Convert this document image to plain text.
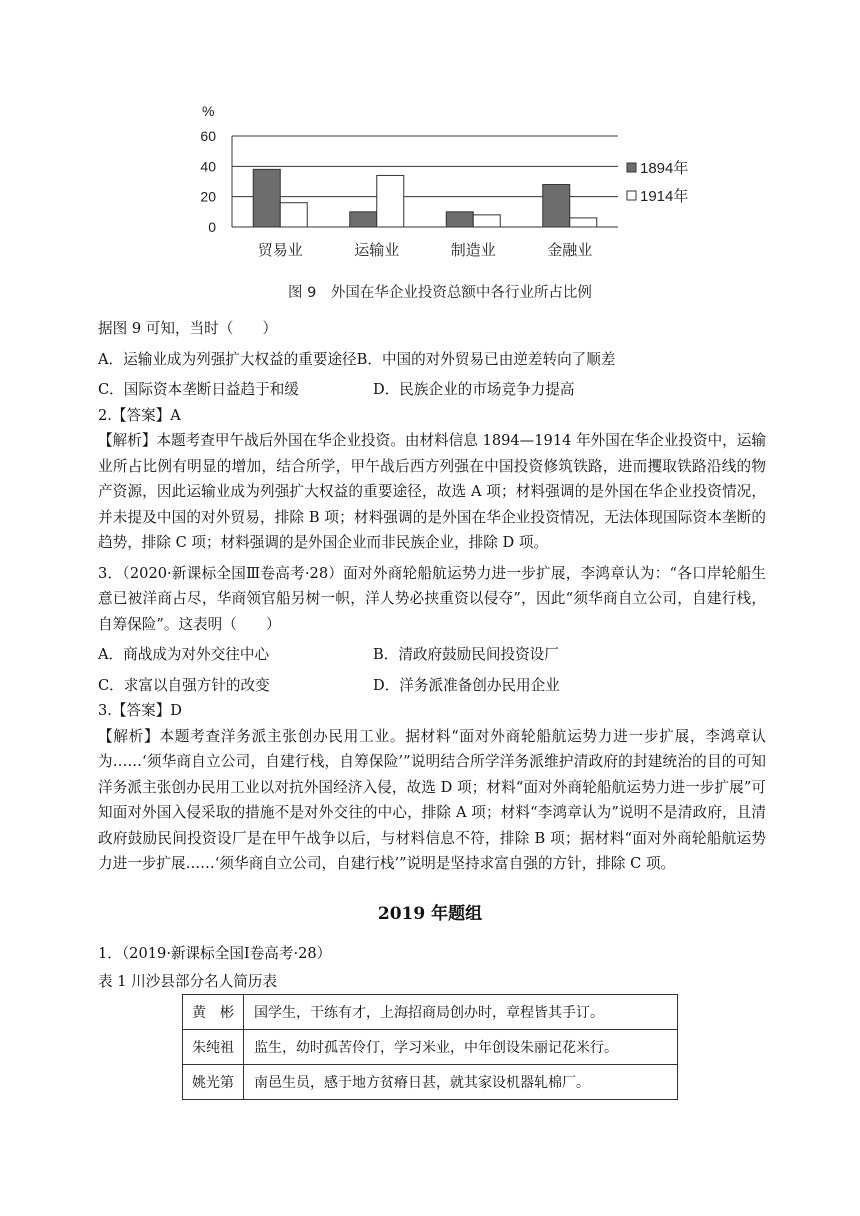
%
60
40
20
0
贸易业	运输业	制造业	金融业
1894年
1914年
图 9　外国在华企业投资总额中各行业所占比例

据图 9 可知，当时（　　）

A．运输业成为列强扩大权益的重要途径 B．中国的对外贸易已由逆差转向了顺差
C．国际资本垄断日益趋于和缓	D．民族企业的市场竞争力提高

2.【答案】A

【解析】本题考查甲午战后外国在华企业投资。由材料信息 1894—1914 年外国在华企业投资中，运输业所占比例有明显的增加，结合所学，甲午战后西方列强在中国投资修筑铁路，进而攫取铁路沿线的物产资源，因此运输业成为列强扩大权益的重要途径，故选 A 项；材料强调的是外国在华企业投资情况，并未提及中国的对外贸易，排除 B 项；材料强调的是外国在华企业投资情况，无法体现国际资本垄断的趋势，排除 C 项；材料强调的是外国企业而非民族企业，排除 D 项。

3．（2020·新课标全国Ⅲ卷高考·28）面对外商轮船航运势力进一步扩展，李鸿章认为：“各口岸轮船生意已被洋商占尽，华商领官船另树一帜，洋人势必挟重资以侵夺”，因此“须华商自立公司，自建行栈，自筹保险”。这表明（　　）

A．商战成为对外交往中心	B．清政府鼓励民间投资设厂
C．求富以自强方针的改变	D．洋务派准备创办民用企业

3.【答案】D

【解析】本题考查洋务派主张创办民用工业。据材料“面对外商轮船航运势力进一步扩展，李鸿章认为……‘须华商自立公司，自建行栈，自筹保险’”说明结合所学洋务派维护清政府的封建统治的目的可知洋务派主张创办民用工业以对抗外国经济入侵，故选 D 项；材料“面对外商轮船航运势力进一步扩展”可知面对外国入侵采取的措施不是对外交往的中心，排除 A 项；材料“李鸿章认为”说明不是清政府，且清政府鼓励民间投资设厂是在甲午战争以后，与材料信息不符，排除 B 项；据材料“面对外商轮船航运势力进一步扩展……‘须华商自立公司，自建行栈’”说明是坚持求富自强的方针，排除 C 项。

2019 年题组
1．（2019·新课标全国Ⅰ卷高考·28）
表 1 川沙县部分名人简历表
黄　彬	国学生，干练有才，上海招商局创办时，章程皆其手订。
朱纯祖	监生，幼时孤苦伶仃，学习米业，中年创设朱丽记花米行。
姚光第	南邑生员，感于地方贫瘠日甚，就其家设机器轧棉厂。
